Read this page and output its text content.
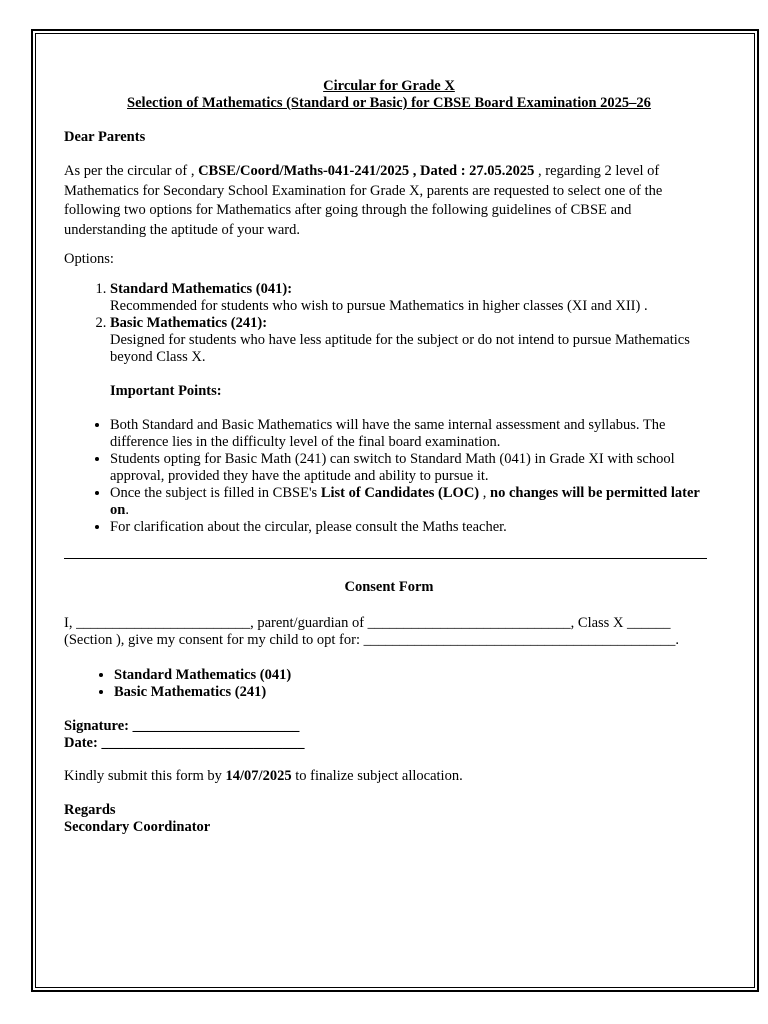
Circular for Grade X
Selection of Mathematics (Standard or Basic) for CBSE Board Examination 2025–26

Dear Parents

As per the circular of , CBSE/Coord/Maths-041-241/2025 , Dated : 27.05.2025 , regarding 2 level of Mathematics for Secondary School Examination for Grade X, parents are requested to select one of the following two options for Mathematics after going through the following guidelines of CBSE and understanding the aptitude of your ward.

Options:

1. Standard Mathematics (041):
Recommended for students who wish to pursue Mathematics in higher classes (XI and XII) .
2. Basic Mathematics (241):
Designed for students who have less aptitude for the subject or do not intend to pursue Mathematics beyond Class X.

Important Points:

• Both Standard and Basic Mathematics will have the same internal assessment and syllabus. The difference lies in the difficulty level of the final board examination.
• Students opting for Basic Math (241) can switch to Standard Math (041) in Grade XI with school approval, provided they have the aptitude and ability to pursue it.
• Once the subject is filled in CBSE's List of Candidates (LOC) , no changes will be permitted later on.
• For clarification about the circular, please consult the Maths teacher.

Consent Form

I, ________________________, parent/guardian of ____________________________, Class X ______ (Section ), give my consent for my child to opt for: ___________________________________________.

• Standard Mathematics (041)
• Basic Mathematics (241)

Signature: _______________________

Date: ____________________________

Kindly submit this form by 14/07/2025 to finalize subject allocation.

Regards

Secondary Coordinator
